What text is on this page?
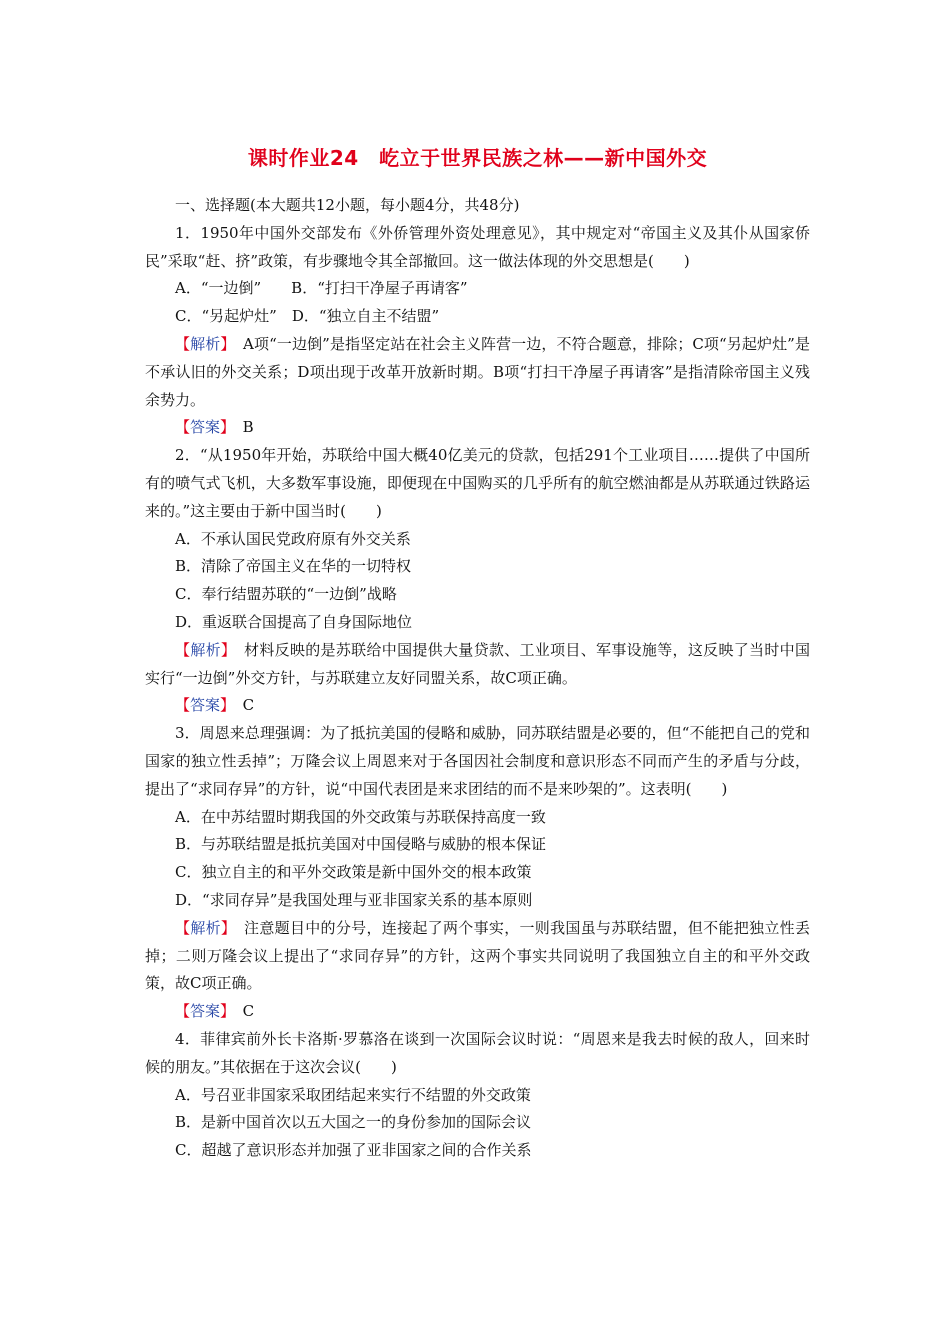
课时作业24　屹立于世界民族之林——新中国外交
一、选择题(本大题共12小题，每小题4分，共48分)
1．1950年中国外交部发布《外侨管理外资处理意见》，其中规定对“帝国主义及其仆从国家侨民”采取“赶、挤”政策，有步骤地令其全部撤回。这一做法体现的外交思想是(　　)
A．“一边倒”　　B．“打扫干净屋子再请客”
C．“另起炉灶”　D．“独立自主不结盟”
【解析】　 A项“一边倒”是指坚定站在社会主义阵营一边，不符合题意，排除；C项“另起炉灶”是不承认旧的外交关系；D项出现于改革开放新时期。B项“打扫干净屋子再请客”是指清除帝国主义残余势力。
【答案】　 B
2．“从1950年开始，苏联给中国大概40亿美元的贷款，包括291个工业项目……提供了中国所有的喷气式飞机，大多数军事设施，即便现在中国购买的几乎所有的航空燃油都是从苏联通过铁路运来的。”这主要由于新中国当时(　　)
A．不承认国民党政府原有外交关系
B．清除了帝国主义在华的一切特权
C．奉行结盟苏联的“一边倒”战略
D．重返联合国提高了自身国际地位
【解析】　 材料反映的是苏联给中国提供大量贷款、工业项目、军事设施等，这反映了当时中国实行“一边倒”外交方针，与苏联建立友好同盟关系，故C项正确。
【答案】　 C
3．周恩来总理强调：为了抵抗美国的侵略和威胁，同苏联结盟是必要的，但“不能把自己的党和国家的独立性丢掉”；万隆会议上周恩来对于各国因社会制度和意识形态不同而产生的矛盾与分歧，提出了“求同存异”的方针，说“中国代表团是来求团结的而不是来吵架的”。这表明(　　)
A．在中苏结盟时期我国的外交政策与苏联保持高度一致
B．与苏联结盟是抵抗美国对中国侵略与威胁的根本保证
C．独立自主的和平外交政策是新中国外交的根本政策
D．“求同存异”是我国处理与亚非国家关系的基本原则
【解析】　 注意题目中的分号，连接起了两个事实，一则我国虽与苏联结盟，但不能把独立性丢掉；二则万隆会议上提出了“求同存异”的方针，这两个事实共同说明了我国独立自主的和平外交政策，故C项正确。
【答案】　 C
4．菲律宾前外长卡洛斯·罗慕洛在谈到一次国际会议时说：“周恩来是我去时候的敌人，回来时候的朋友。”其依据在于这次会议(　　)
A．号召亚非国家采取团结起来实行不结盟的外交政策
B．是新中国首次以五大国之一的身份参加的国际会议
C．超越了意识形态并加强了亚非国家之间的合作关系
